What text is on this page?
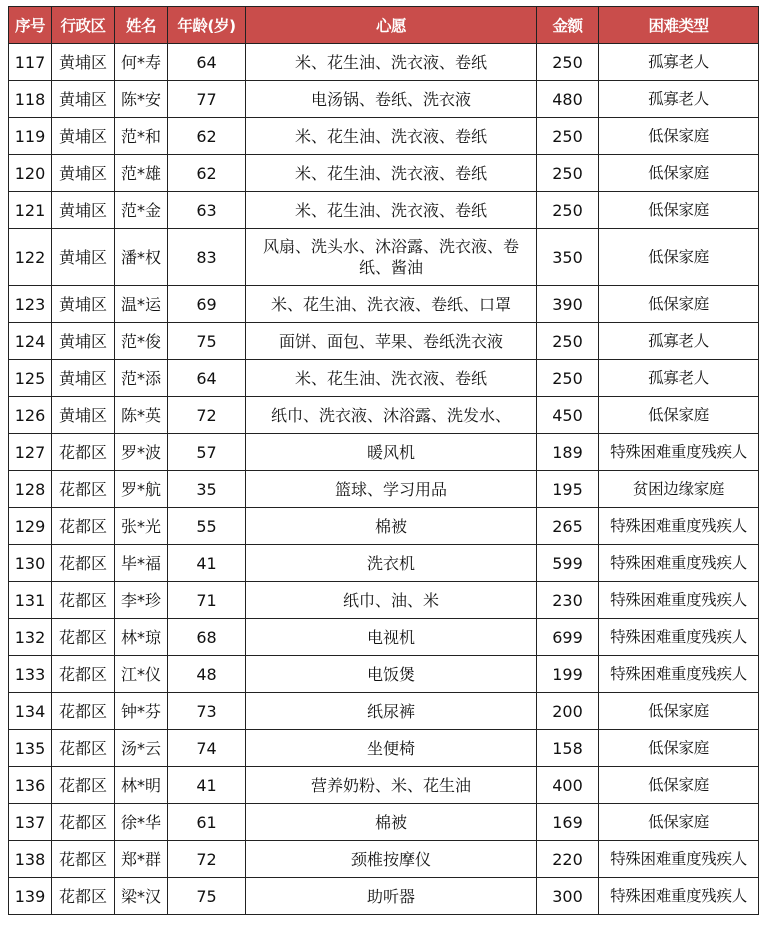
序号	行政区	姓名	年龄(岁)	心愿	金额	困难类型
117	黄埔区	何*寿	64	米、花生油、洗衣液、卷纸	250	孤寡老人
118	黄埔区	陈*安	77	电汤锅、卷纸、洗衣液	480	孤寡老人
119	黄埔区	范*和	62	米、花生油、洗衣液、卷纸	250	低保家庭
120	黄埔区	范*雄	62	米、花生油、洗衣液、卷纸	250	低保家庭
121	黄埔区	范*金	63	米、花生油、洗衣液、卷纸	250	低保家庭
122	黄埔区	潘*权	83	风扇、洗头水、沐浴露、洗衣液、卷纸、酱油	350	低保家庭
123	黄埔区	温*运	69	米、花生油、洗衣液、卷纸、口罩	390	低保家庭
124	黄埔区	范*俊	75	面饼、面包、苹果、卷纸洗衣液	250	孤寡老人
125	黄埔区	范*添	64	米、花生油、洗衣液、卷纸	250	孤寡老人
126	黄埔区	陈*英	72	纸巾、洗衣液、沐浴露、洗发水、	450	低保家庭
127	花都区	罗*波	57	暖风机	189	特殊困难重度残疾人
128	花都区	罗*航	35	篮球、学习用品	195	贫困边缘家庭
129	花都区	张*光	55	棉被	265	特殊困难重度残疾人
130	花都区	毕*福	41	洗衣机	599	特殊困难重度残疾人
131	花都区	李*珍	71	纸巾、油、米	230	特殊困难重度残疾人
132	花都区	林*琼	68	电视机	699	特殊困难重度残疾人
133	花都区	江*仪	48	电饭煲	199	特殊困难重度残疾人
134	花都区	钟*芬	73	纸尿裤	200	低保家庭
135	花都区	汤*云	74	坐便椅	158	低保家庭
136	花都区	林*明	41	营养奶粉、米、花生油	400	低保家庭
137	花都区	徐*华	61	棉被	169	低保家庭
138	花都区	郑*群	72	颈椎按摩仪	220	特殊困难重度残疾人
139	花都区	梁*汉	75	助听器	300	特殊困难重度残疾人
